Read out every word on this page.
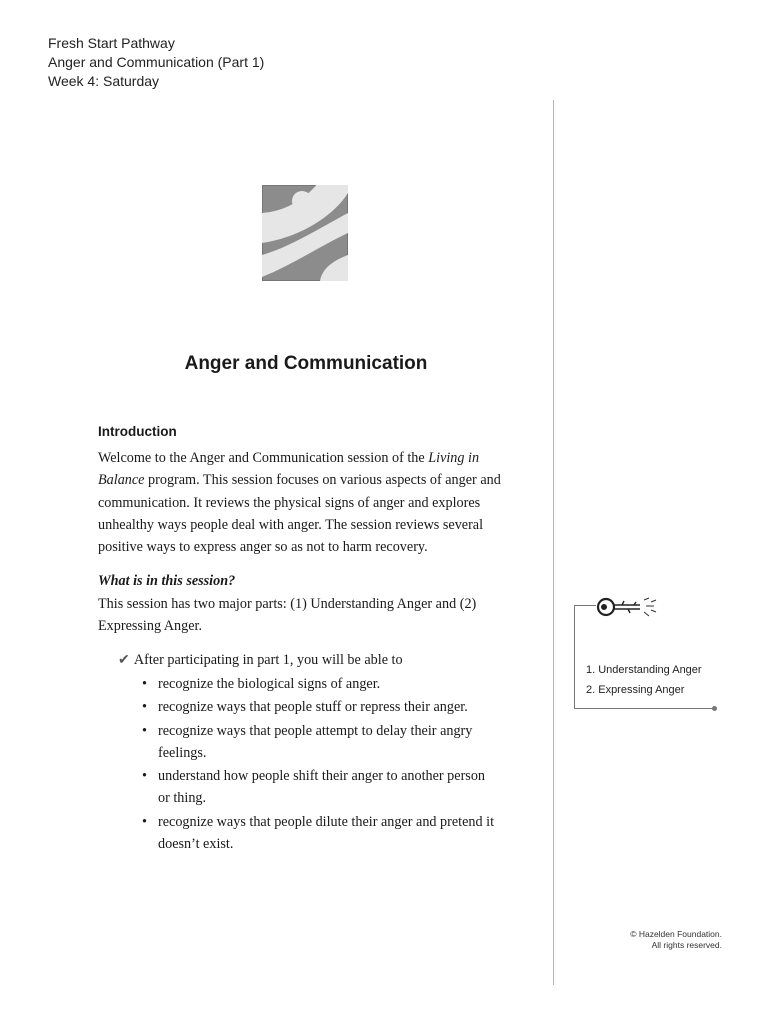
Fresh Start Pathway
Anger and Communication (Part 1)
Week 4: Saturday
Anger and Communication
Introduction

Welcome to the Anger and Communication session of the Living in Balance program. This session focuses on various aspects of anger and communication. It reviews the physical signs of anger and explores unhealthy ways people deal with anger. The session reviews several positive ways to express anger so as not to harm recovery.

What is in this session?

This session has two major parts: (1) Understanding Anger and (2) Expressing Anger.

✔ After participating in part 1, you will be able to
• recognize the biological signs of anger.
• recognize ways that people stuff or repress their anger.
• recognize ways that people attempt to delay their angry feelings.
• understand how people shift their anger to another person or thing.
• recognize ways that people dilute their anger and pretend it doesn’t exist.
1. Understanding Anger
2. Expressing Anger
© Hazelden Foundation.
All rights reserved.
